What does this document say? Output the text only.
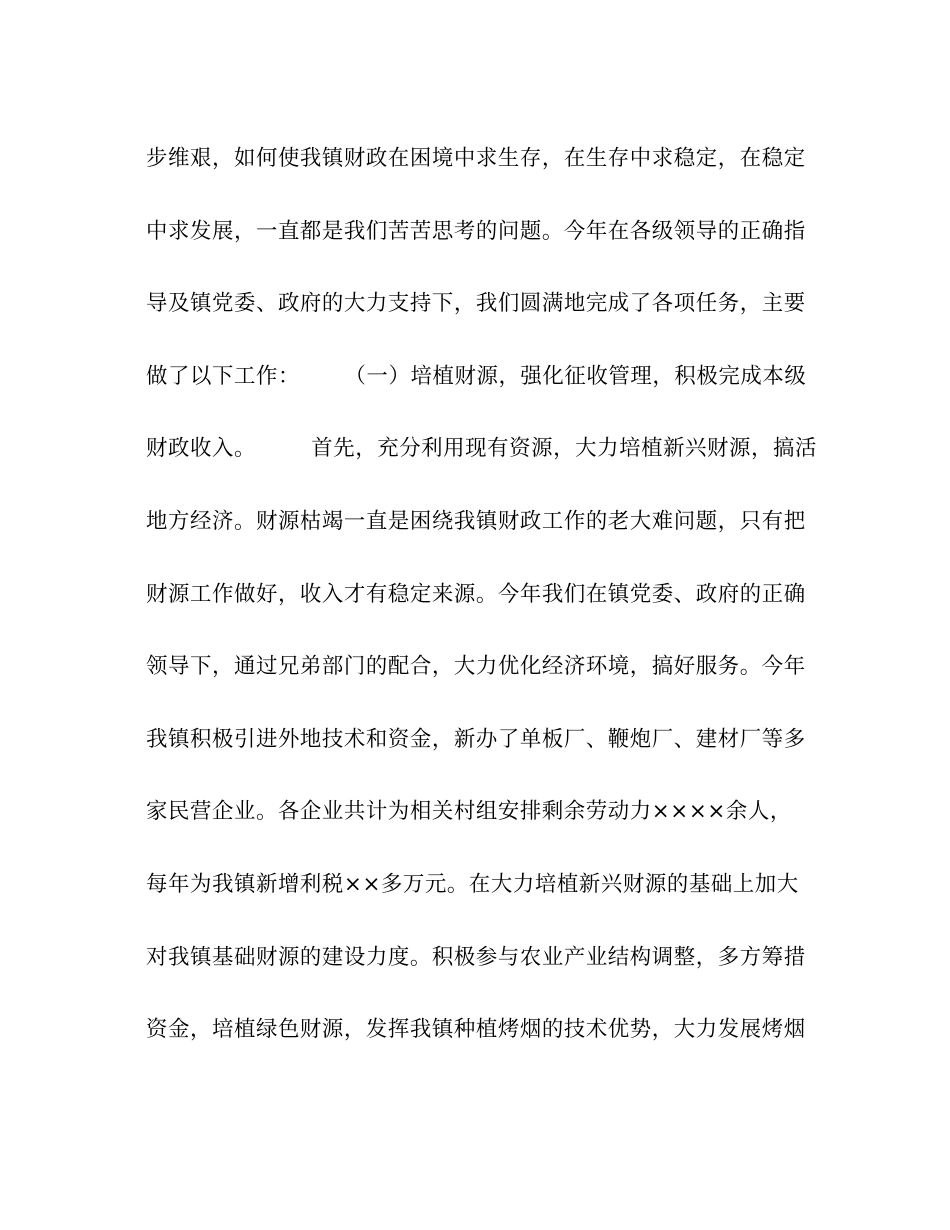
步维艰，如何使我镇财政在困境中求生存，在生存中求稳定，在稳定
中求发展，一直都是我们苦苦思考的问题。今年在各级领导的正确指
导及镇党委、政府的大力支持下，我们圆满地完成了各项任务，主要
做了以下工作：　　　（一）培植财源，强化征收管理，积极完成本级
财政收入。　　　首先，充分利用现有资源，大力培植新兴财源，搞活
地方经济。财源枯竭一直是困绕我镇财政工作的老大难问题，只有把
财源工作做好，收入才有稳定来源。今年我们在镇党委、政府的正确
领导下，通过兄弟部门的配合，大力优化经济环境，搞好服务。今年
我镇积极引进外地技术和资金，新办了单板厂、鞭炮厂、建材厂等多
家民营企业。各企业共计为相关村组安排剩余劳动力××××余人，
每年为我镇新增利税××多万元。在大力培植新兴财源的基础上加大
对我镇基础财源的建设力度。积极参与农业产业结构调整，多方筹措
资金，培植绿色财源，发挥我镇种植烤烟的技术优势，大力发展烤烟
